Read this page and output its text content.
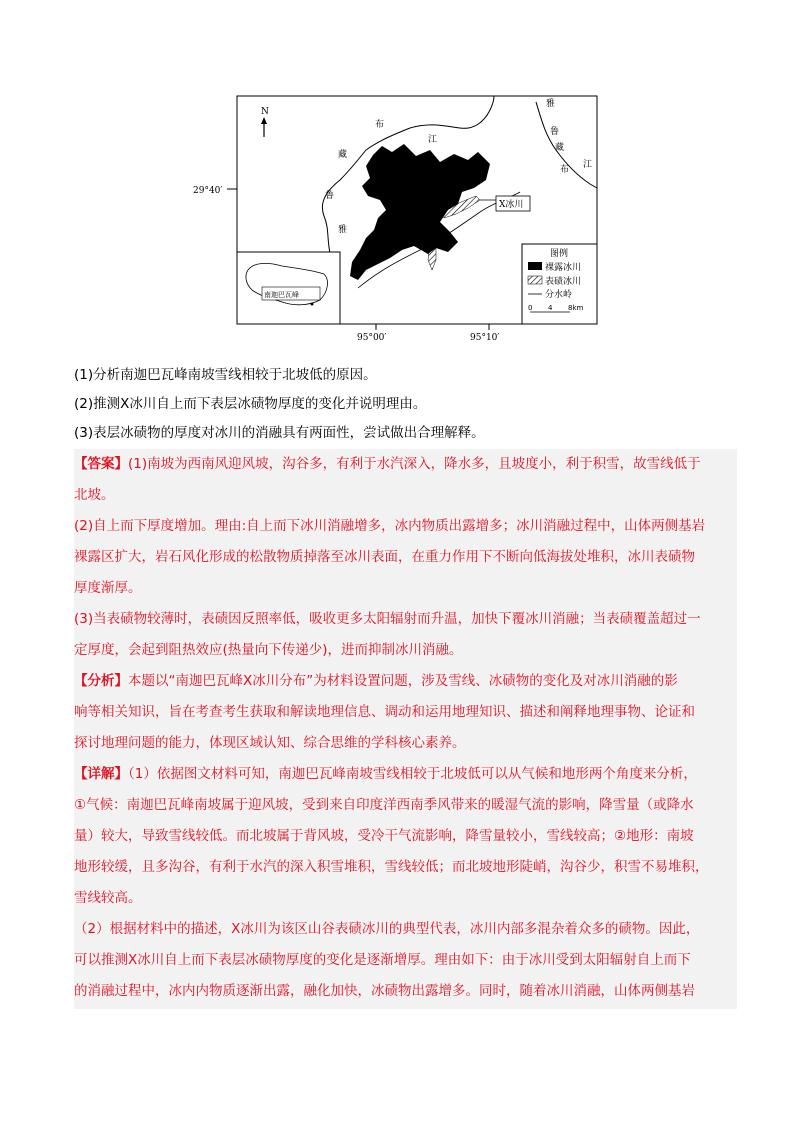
29°40′
95°00′	95°10′
N
雅
鲁
藏
布 江
布
江
藏
鲁
雅
X冰川
南迦巴瓦峰
图例
裸露冰川
表碛冰川
分水岭
0 4 8km

(1)分析南迦巴瓦峰南坡雪线相较于北坡低的原因。

(2)推测X冰川自上而下表层冰碛物厚度的变化并说明理由。

(3)表层冰碛物的厚度对冰川的消融具有两面性，尝试做出合理解释。

【答案】(1)南坡为西南风迎风坡，沟谷多，有利于水汽深入，降水多，且坡度小，利于积雪，故雪线低于

北坡。

(2)自上而下厚度增加。理由:自上而下冰川消融增多，冰内物质出露增多；冰川消融过程中，山体两侧基岩

裸露区扩大，岩石风化形成的松散物质掉落至冰川表面，在重力作用下不断向低海拔处堆积，冰川表碛物

厚度渐厚。

(3)当表碛物较薄时，表碛因反照率低，吸收更多太阳辐射而升温，加快下覆冰川消融；当表碛覆盖超过一

定厚度，会起到阻热效应(热量向下传递少)，进而抑制冰川消融。

【分析】本题以“南迦巴瓦峰X冰川分布”为材料设置问题，涉及雪线、冰碛物的变化及对冰川消融的影

响等相关知识，旨在考查考生获取和解读地理信息、调动和运用地理知识、描述和阐释地理事物、论证和

探讨地理问题的能力，体现区域认知、综合思维的学科核心素养。

【详解】（1）依据图文材料可知，南迦巴瓦峰南坡雪线相较于北坡低可以从气候和地形两个角度来分析，

①气候：南迦巴瓦峰南坡属于迎风坡，受到来自印度洋西南季风带来的暖湿气流的影响，降雪量（或降水

量）较大，导致雪线较低。而北坡属于背风坡，受冷干气流影响，降雪量较小，雪线较高；②地形：南坡

地形较缓，且多沟谷，有利于水汽的深入积雪堆积，雪线较低；而北坡地形陡峭，沟谷少，积雪不易堆积，

雪线较高。

（2）根据材料中的描述，X冰川为该区山谷表碛冰川的典型代表，冰川内部多混杂着众多的碛物。因此，

可以推测X冰川自上而下表层冰碛物厚度的变化是逐渐增厚。理由如下：由于冰川受到太阳辐射自上而下

的消融过程中，冰内内物质逐渐出露，融化加快，冰碛物出露增多。同时，随着冰川消融，山体两侧基岩
